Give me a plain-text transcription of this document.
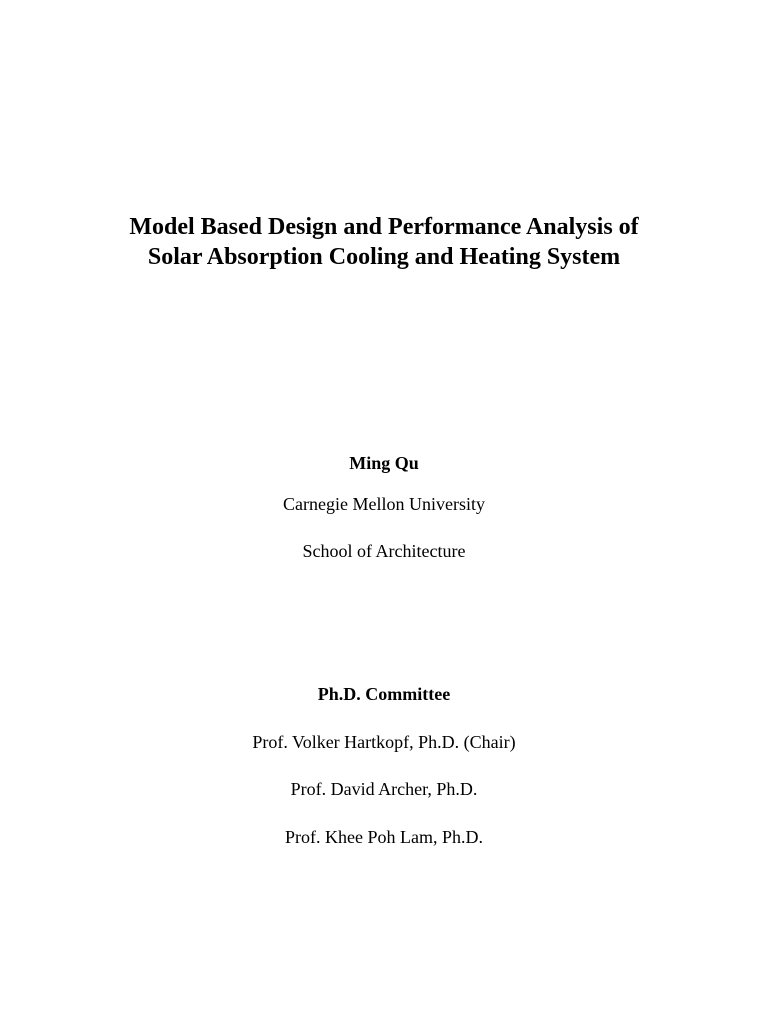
Model Based Design and Performance Analysis of
Solar Absorption Cooling and Heating System
Ming Qu
Carnegie Mellon University
School of Architecture
Ph.D. Committee
Prof. Volker Hartkopf, Ph.D. (Chair)
Prof. David Archer, Ph.D.
Prof. Khee Poh Lam, Ph.D.
